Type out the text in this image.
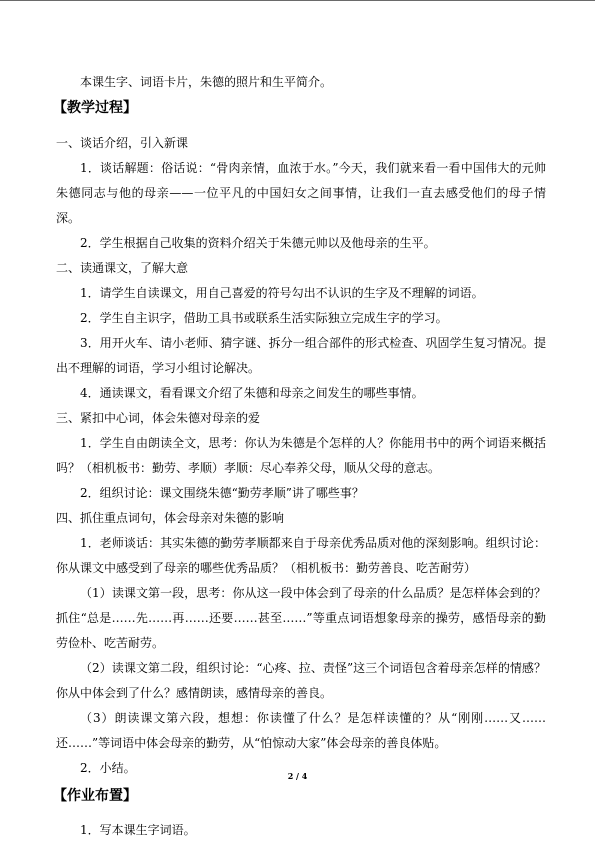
本课生字、词语卡片，朱德的照片和生平简介。

【教学过程】

一、谈话介绍，引入新课

1．谈话解题：俗话说：“骨肉亲情，血浓于水。”今天，我们就来看一看中国伟大的元帅朱德同志与他的母亲——一位平凡的中国妇女之间事情，让我们一直去感受他们的母子情深。

2．学生根据自己收集的资料介绍关于朱德元帅以及他母亲的生平。

二、读通课文，了解大意

1．请学生自读课文，用自己喜爱的符号勾出不认识的生字及不理解的词语。

2．学生自主识字，借助工具书或联系生活实际独立完成生字的学习。

3．用开火车、请小老师、猜字谜、拆分一组合部件的形式检查、巩固学生复习情况。提出不理解的词语，学习小组讨论解决。

4．通读课文，看看课文介绍了朱德和母亲之间发生的哪些事情。

三、紧扣中心词，体会朱德对母亲的爱

1．学生自由朗读全文，思考：你认为朱德是个怎样的人？你能用书中的两个词语来概括吗？（相机板书：勤劳、孝顺）孝顺：尽心奉养父母，顺从父母的意志。

2．组织讨论：课文围绕朱德“勤劳孝顺”讲了哪些事？

四、抓住重点词句，体会母亲对朱德的影响

1．老师谈话：其实朱德的勤劳孝顺都来自于母亲优秀品质对他的深刻影响。组织讨论：你从课文中感受到了母亲的哪些优秀品质？（相机板书：勤劳善良、吃苦耐劳）

（1）读课文第一段，思考：你从这一段中体会到了母亲的什么品质？是怎样体会到的？抓住“总是……先……再……还要……甚至……”等重点词语想象母亲的操劳，感悟母亲的勤劳俭朴、吃苦耐劳。

（2）读课文第二段，组织讨论：“心疼、拉、责怪”这三个词语包含着母亲怎样的情感？你从中体会到了什么？感情朗读，感情母亲的善良。

（3）朗读课文第六段，想想：你读懂了什么？是怎样读懂的？从“刚刚……又……还……”等词语中体会母亲的勤劳，从“怕惊动大家”体会母亲的善良体贴。

2．小结。

【作业布置】

1．写本课生字词语。

2 / 4
